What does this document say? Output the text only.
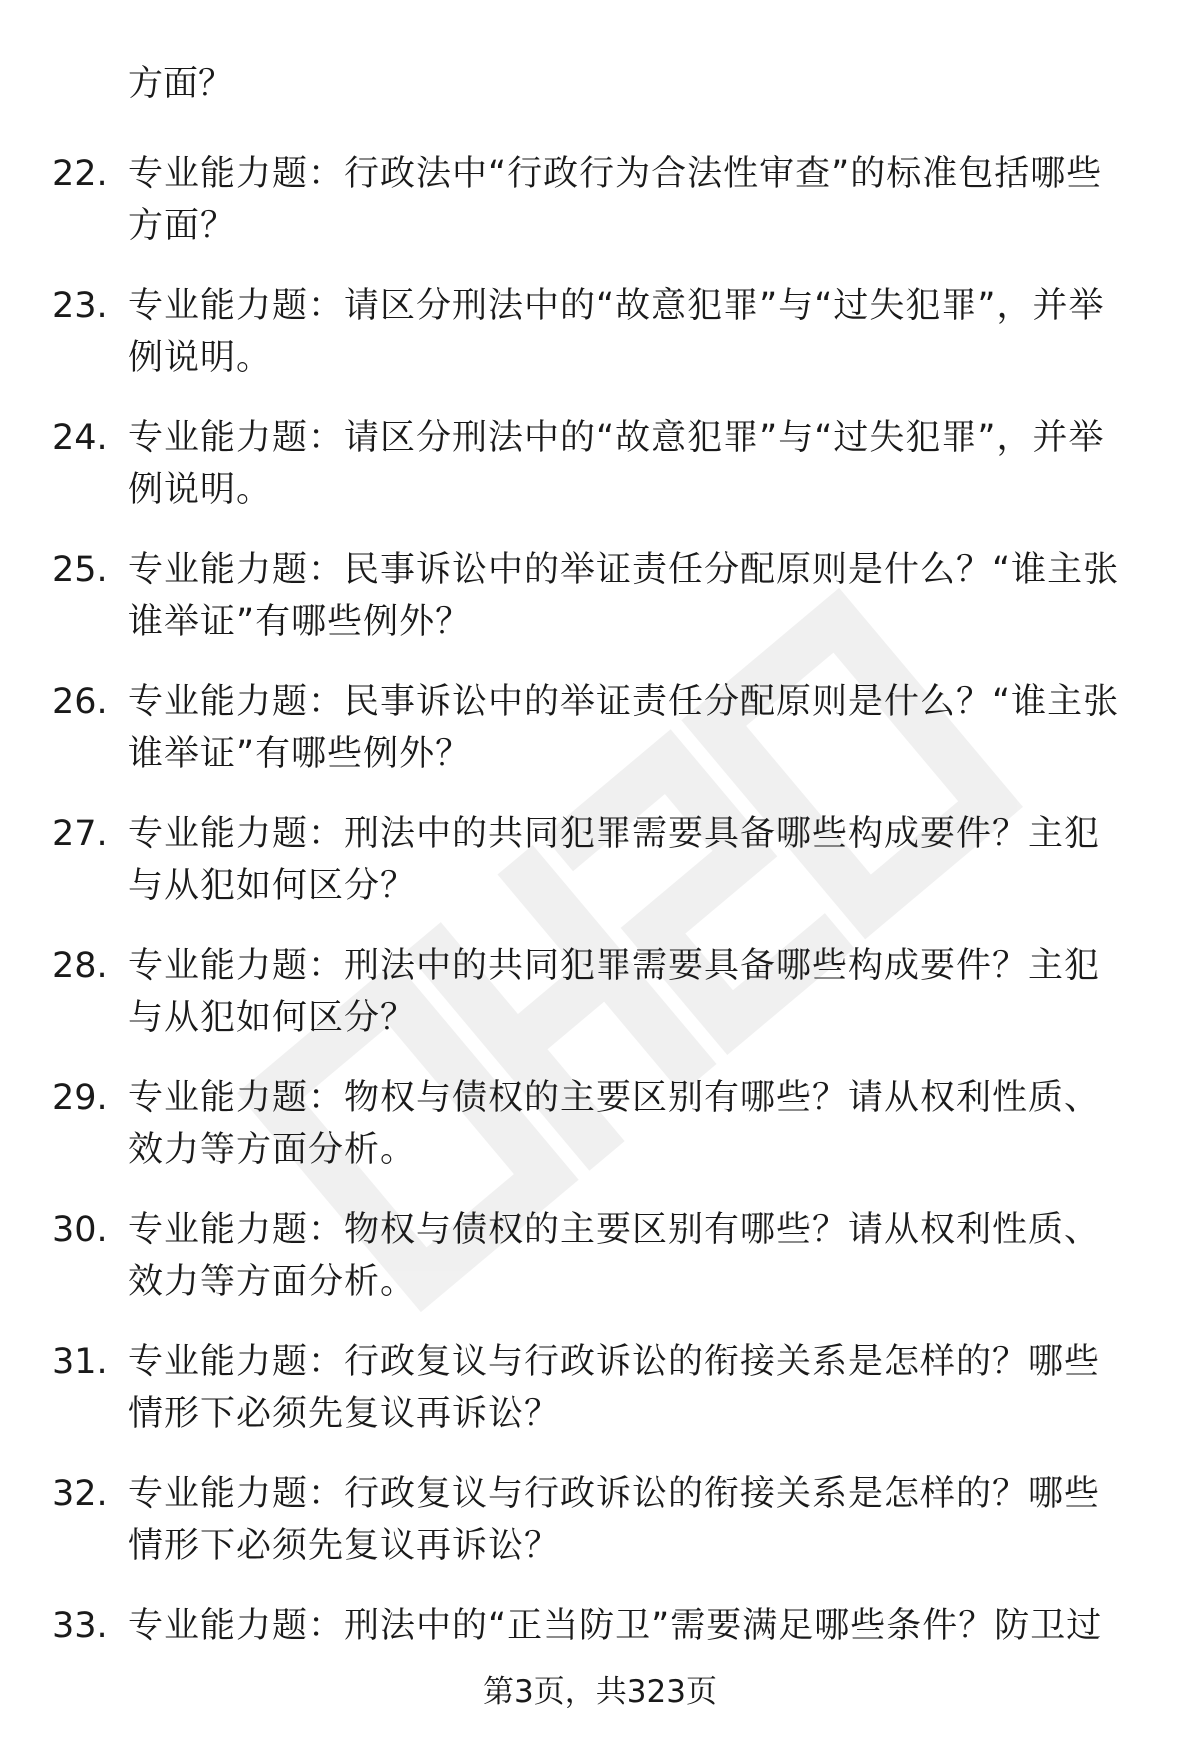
方面？

22. 专业能力题：行政法中“行政行为合法性审查”的标准包括哪些方面？
23. 专业能力题：请区分刑法中的“故意犯罪”与“过失犯罪”，并举例说明。
24. 专业能力题：请区分刑法中的“故意犯罪”与“过失犯罪”，并举例说明。
25. 专业能力题：民事诉讼中的举证责任分配原则是什么？“谁主张谁举证”有哪些例外？
26. 专业能力题：民事诉讼中的举证责任分配原则是什么？“谁主张谁举证”有哪些例外？
27. 专业能力题：刑法中的共同犯罪需要具备哪些构成要件？主犯与从犯如何区分？
28. 专业能力题：刑法中的共同犯罪需要具备哪些构成要件？主犯与从犯如何区分？
29. 专业能力题：物权与债权的主要区别有哪些？请从权利性质、效力等方面分析。
30. 专业能力题：物权与债权的主要区别有哪些？请从权利性质、效力等方面分析。
31. 专业能力题：行政复议与行政诉讼的衔接关系是怎样的？哪些情形下必须先复议再诉讼？
32. 专业能力题：行政复议与行政诉讼的衔接关系是怎样的？哪些情形下必须先复议再诉讼？
33. 专业能力题：刑法中的“正当防卫”需要满足哪些条件？防卫过
第3页，共323页
